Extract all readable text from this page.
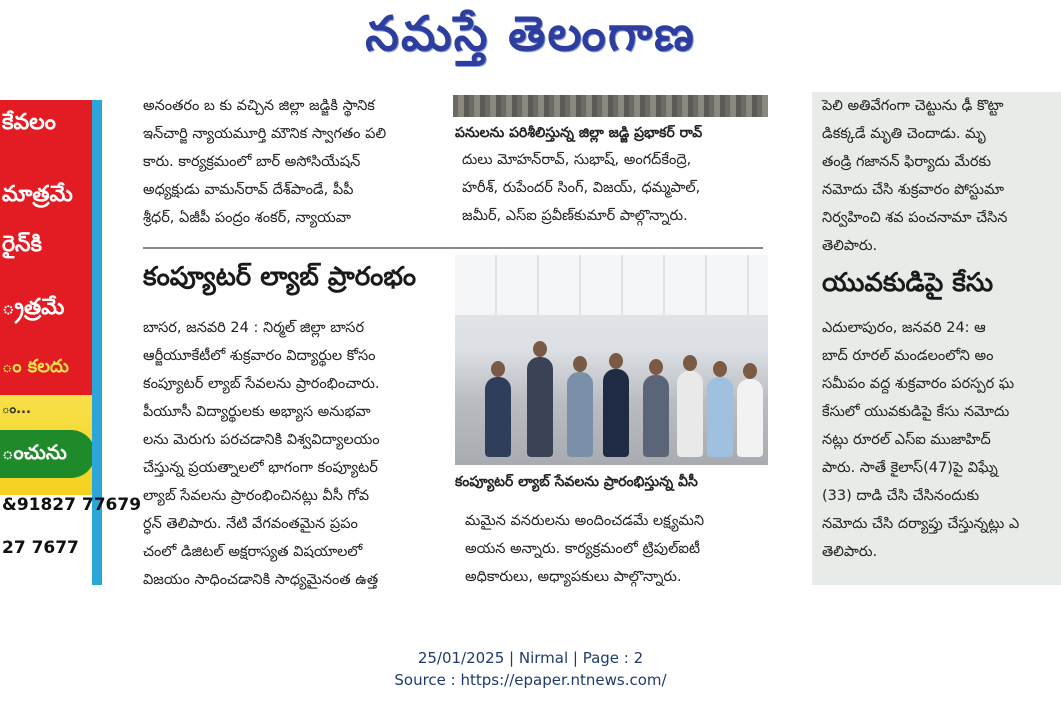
నమస్తే తెలంగాణ
కేవలం
మాత్రమే
రైన్‌కి
్రత్రమే
ం కలదు
ం...
ంచును
&91827 77679
27 7677
అనంతరం బ కు వచ్చిన జిల్లా జడ్జికి స్థానిక
ఇన్‌చార్జి న్యాయమూర్తి మౌనిక స్వాగతం పలి
కారు. కార్యక్రమంలో బార్ అసోసియేషన్
అధ్యక్షుడు వామన్‌రావ్ దేశ్‌పాండే, పీపీ
శ్రీధర్, ఏజీపీ పంద్రం శంకర్, న్యాయవా
పనులను పరిశీలిస్తున్న జిల్లా జడ్జి ప్రభాకర్ రావ్
దులు మోహన్‌రావ్, సుభాష్, అంగద్‌కేంద్రె,
హరీశ్, రుపేందర్ సింగ్, విజయ్, ధమ్మపాల్,
జమీర్, ఎస్ఐ ప్రవీణ్‌కుమార్ పాల్గొన్నారు.
పెలి అతివేగంగా చెట్టును ఢీ కొట్టా
డికక్కడే మృతి చెందాడు. మృ
తండ్రి గజానన్ ఫిర్యాదు మేరకు
నమోదు చేసి శుక్రవారం పోస్టుమా
నిర్వహించి శవ పంచనామా చేసిన
తెలిపారు.
కంప్యూటర్ ల్యాబ్ ప్రారంభం
బాసర, జనవరి 24 : నిర్మల్ జిల్లా బాసర
ఆర్జీయూకేటీలో శుక్రవారం విద్యార్థుల కోసం
కంప్యూటర్ ల్యాబ్ సేవలను ప్రారంభించారు.
పీయూసీ విద్యార్థులకు అభ్యాస అనుభవా
లను మెరుగు పరచడానికి విశ్వవిద్యాలయం
చేస్తున్న ప్రయత్నాలలో భాగంగా కంప్యూటర్
ల్యాబ్ సేవలను ప్రారంభించినట్లు వీసీ గోవ
ర్ధన్ తెలిపారు. నేటి వేగవంతమైన ప్రపం
చంలో డిజిటల్ అక్షరాస్యత విషయాలలో
విజయం సాధించడానికి సాధ్యమైనంత ఉత్త
కంప్యూటర్ ల్యాబ్ సేవలను ప్రారంభిస్తున్న వీసీ
మమైన వనరులను అందించడమే లక్ష్యమని
అయన అన్నారు. కార్యక్రమంలో ట్రిపుల్‌ఐటీ
అధికారులు, అధ్యాపకులు పాల్గొన్నారు.
యువకుడిపై కేసు
ఎదులాపురం, జనవరి 24: ఆ
బాద్ రూరల్ మండలంలోని అం
సమీపం వద్ద శుక్రవారం పరస్పర ఘ
కేసులో యువకుడిపై కేసు నమోదు
నట్లు రూరల్ ఎస్ఐ ముజాహిద్
పారు. సాతే కైలాస్(47)పై విఘ్నే
(33) దాడి చేసి చేసినందుకు
నమోదు చేసి దర్యాప్తు చేస్తున్నట్లు ఎ
తెలిపారు.
25/01/2025 | Nirmal | Page : 2
Source : https://epaper.ntnews.com/
